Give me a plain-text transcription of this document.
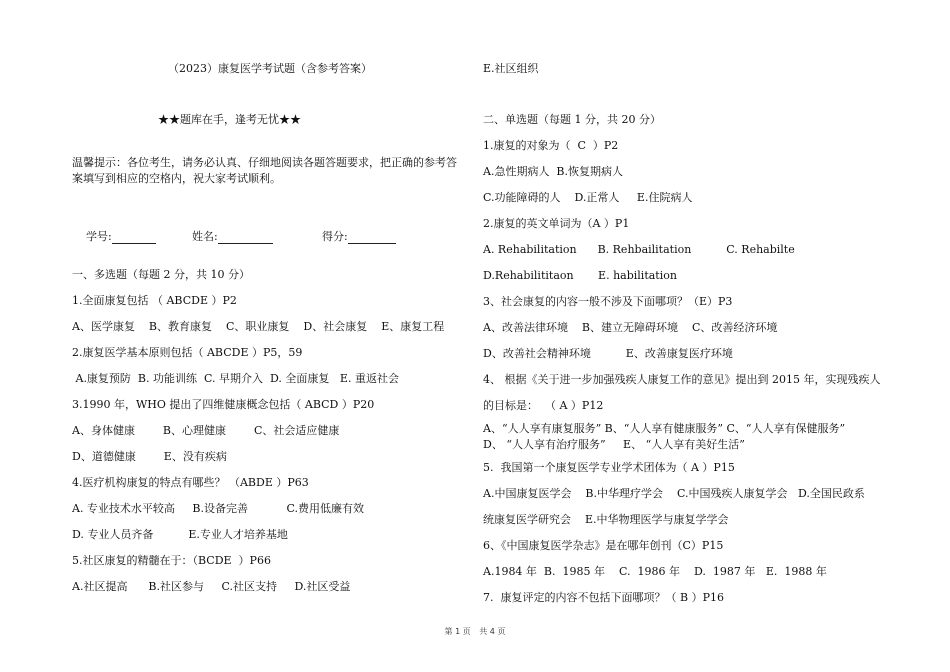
（2023）康复医学考试题（含参考答案）
★★题库在手，逢考无忧★★
温馨提示：各位考生，请务必认真、仔细地阅读各题答题要求，把正确的参考答
案填写到相应的空格内，祝大家考试顺利。

学号:
	姓名:
	得分:

一、多选题（每题 2 分，共 10 分）
1.全面康复包括 （ ABCDE ）P2
A、医学康复    B、教育康复    C、职业康复    D、社会康复    E、康复工程
2.康复医学基本原则包括（ ABCDE ）P5，59
A.康复预防  B. 功能训练  C. 早期介入  D. 全面康复   E. 重返社会
3.1990 年，WHO 提出了四维健康概念包括（ ABCD ）P20
A、身体健康        B、心理健康        C、社会适应健康
D、道德健康        E、没有疾病
4.医疗机构康复的特点有哪些？ （ABDE ）P63
A. 专业技术水平较高     B.设备完善           C.费用低廉有效
D. 专业人员齐备          E.专业人才培养基地
5.社区康复的精髓在于：（BCDE  ）P66
A.社区提高      B.社区参与     C.社区支持     D.社区受益
E.社区组织
二、单选题（每题 1 分，共 20 分）
1.康复的对象为（  C  ）P2
A.急性期病人  B.恢复期病人
C.功能障碍的人    D.正常人     E.住院病人
2.康复的英文单词为（A ）P1
A. Rehabilitation      B. Rehbailitation          C. Rehabilte
D.Rehabilititaon       E. habilitation
3、社会康复的内容一般不涉及下面哪项？（E）P3
A、改善法律环境    B、建立无障碍环境    C、改善经济环境
D、改善社会精神环境          E、改善康复医疗环境
4、 根据《关于进一步加强残疾人康复工作的意见》提出到 2015 年，实现残疾人
的目标是：  （ A ）P12
A、“人人享有康复服务” B、“人人享有健康服务” C、“人人享有保健服务”
D、 “人人享有治疗服务”     E、 “人人享有美好生活”
5.  我国第一个康复医学专业学术团体为（ A ）P15
A.中国康复医学会    B.中华理疗学会    C.中国残疾人康复学会   D.全国民政系
统康复医学研究会    E.中华物理医学与康复学学会
6、《中国康复医学杂志》是在哪年创刊（C）P15
A.1984 年  B.  1985 年    C.  1986 年    D.  1987 年   E.  1988 年
7.  康复评定的内容不包括下面哪项？（ B ）P16
第 1 页 共 4 页
